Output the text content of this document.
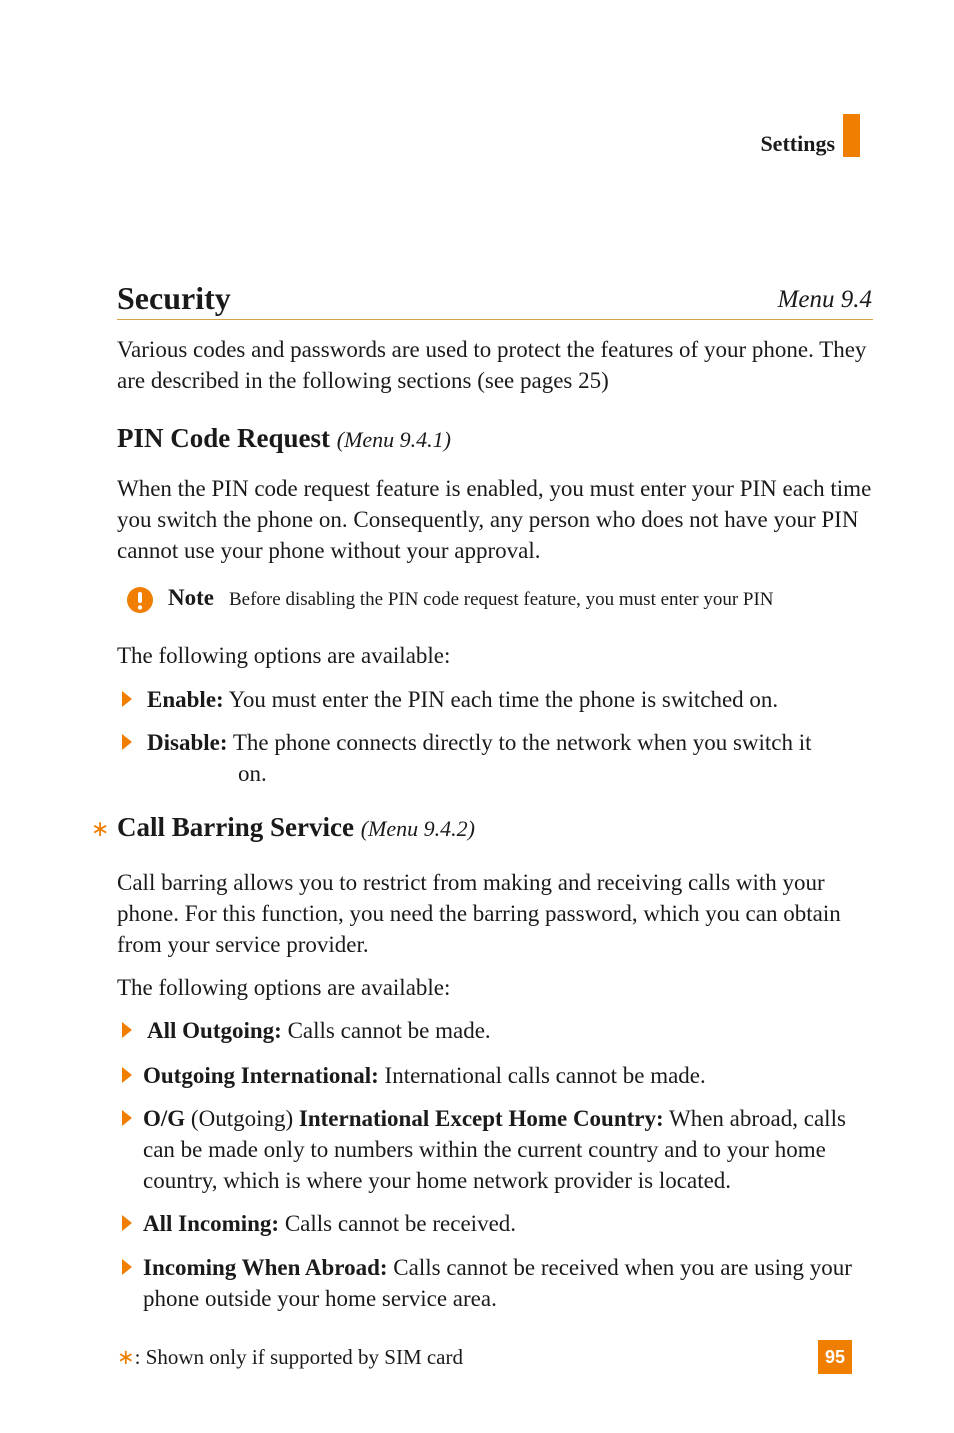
Settings
Security	Menu 9.4

Various codes and passwords are used to protect the features of your phone. They are described in the following sections (see pages 25)

PIN Code Request (Menu 9.4.1)

When the PIN code request feature is enabled, you must enter your PIN each time you switch the phone on. Consequently, any person who does not have your PIN cannot use your phone without your approval.

Note Before disabling the PIN code request feature, you must enter your PIN

The following options are available:

Enable: You must enter the PIN each time the phone is switched on.

Disable: The phone connects directly to the network when you switch it

on.

∗ Call Barring Service (Menu 9.4.2)

Call barring allows you to restrict from making and receiving calls with your phone. For this function, you need the barring password, which you can obtain from your service provider.

The following options are available:

All Outgoing: Calls cannot be made.

Outgoing International: International calls cannot be made.

O/G (Outgoing) International Except Home Country: When abroad, calls can be made only to numbers within the current country and to your home country, which is where your home network provider is located.

All Incoming: Calls cannot be received.

Incoming When Abroad: Calls cannot be received when you are using your phone outside your home service area.

∗: Shown only if supported by SIM card	95
